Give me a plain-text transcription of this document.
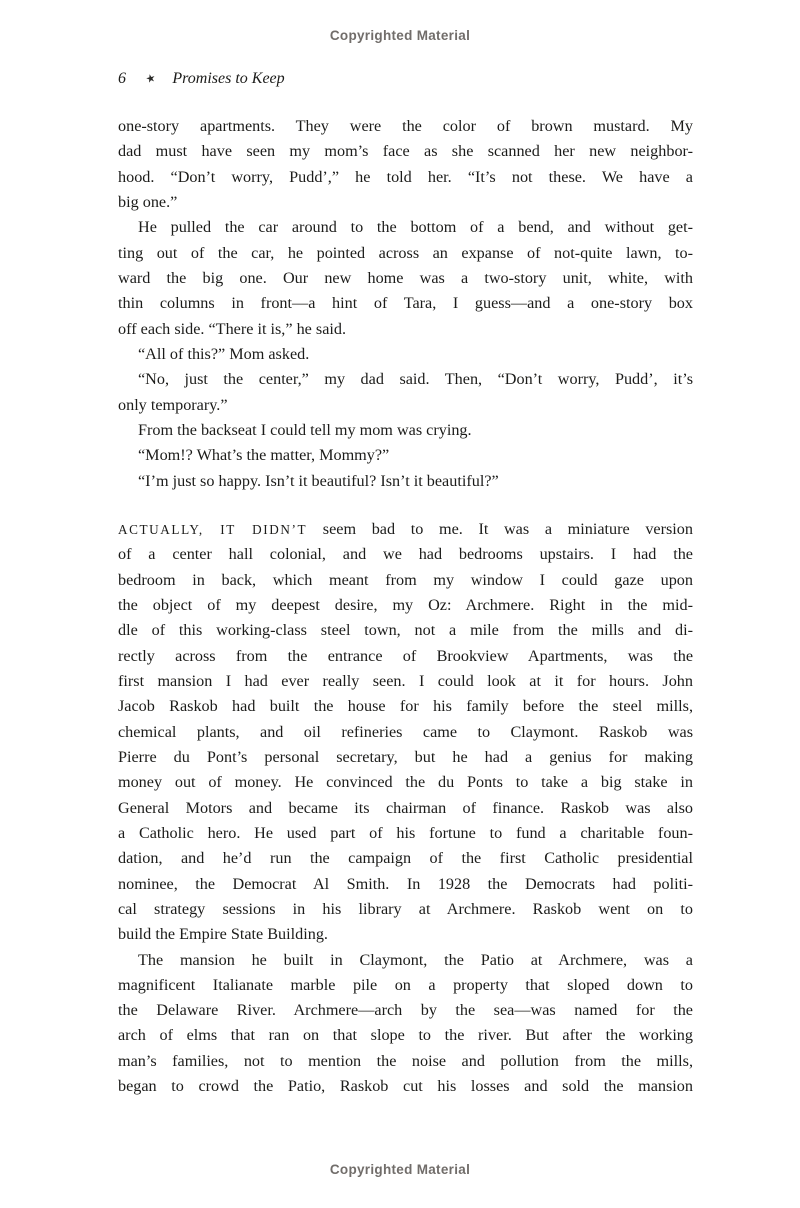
Copyrighted Material
6 ★ Promises to Keep
one-story apartments. They were the color of brown mustard. My
dad must have seen my mom’s face as she scanned her new neighbor-
hood. “Don’t worry, Pudd’,” he told her. “It’s not these. We have a
big one.”
He pulled the car around to the bottom of a bend, and without get-
ting out of the car, he pointed across an expanse of not-quite lawn, to-
ward the big one. Our new home was a two-story unit, white, with
thin columns in front—a hint of Tara, I guess—and a one-story box
off each side. “There it is,” he said.
“All of this?” Mom asked.
“No, just the center,” my dad said. Then, “Don’t worry, Pudd’, it’s
only temporary.”
From the backseat I could tell my mom was crying.
“Mom!? What’s the matter, Mommy?”
“I’m just so happy. Isn’t it beautiful? Isn’t it beautiful?”
ACTUALLY, IT DIDN’T seem bad to me. It was a miniature version
of a center hall colonial, and we had bedrooms upstairs. I had the
bedroom in back, which meant from my window I could gaze upon
the object of my deepest desire, my Oz: Archmere. Right in the mid-
dle of this working-class steel town, not a mile from the mills and di-
rectly across from the entrance of Brookview Apartments, was the
first mansion I had ever really seen. I could look at it for hours. John
Jacob Raskob had built the house for his family before the steel mills,
chemical plants, and oil refineries came to Claymont. Raskob was
Pierre du Pont’s personal secretary, but he had a genius for making
money out of money. He convinced the du Ponts to take a big stake in
General Motors and became its chairman of finance. Raskob was also
a Catholic hero. He used part of his fortune to fund a charitable foun-
dation, and he’d run the campaign of the first Catholic presidential
nominee, the Democrat Al Smith. In 1928 the Democrats had politi-
cal strategy sessions in his library at Archmere. Raskob went on to
build the Empire State Building.
The mansion he built in Claymont, the Patio at Archmere, was a
magnificent Italianate marble pile on a property that sloped down to
the Delaware River. Archmere—arch by the sea—was named for the
arch of elms that ran on that slope to the river. But after the working
man’s families, not to mention the noise and pollution from the mills,
began to crowd the Patio, Raskob cut his losses and sold the mansion
Copyrighted Material
